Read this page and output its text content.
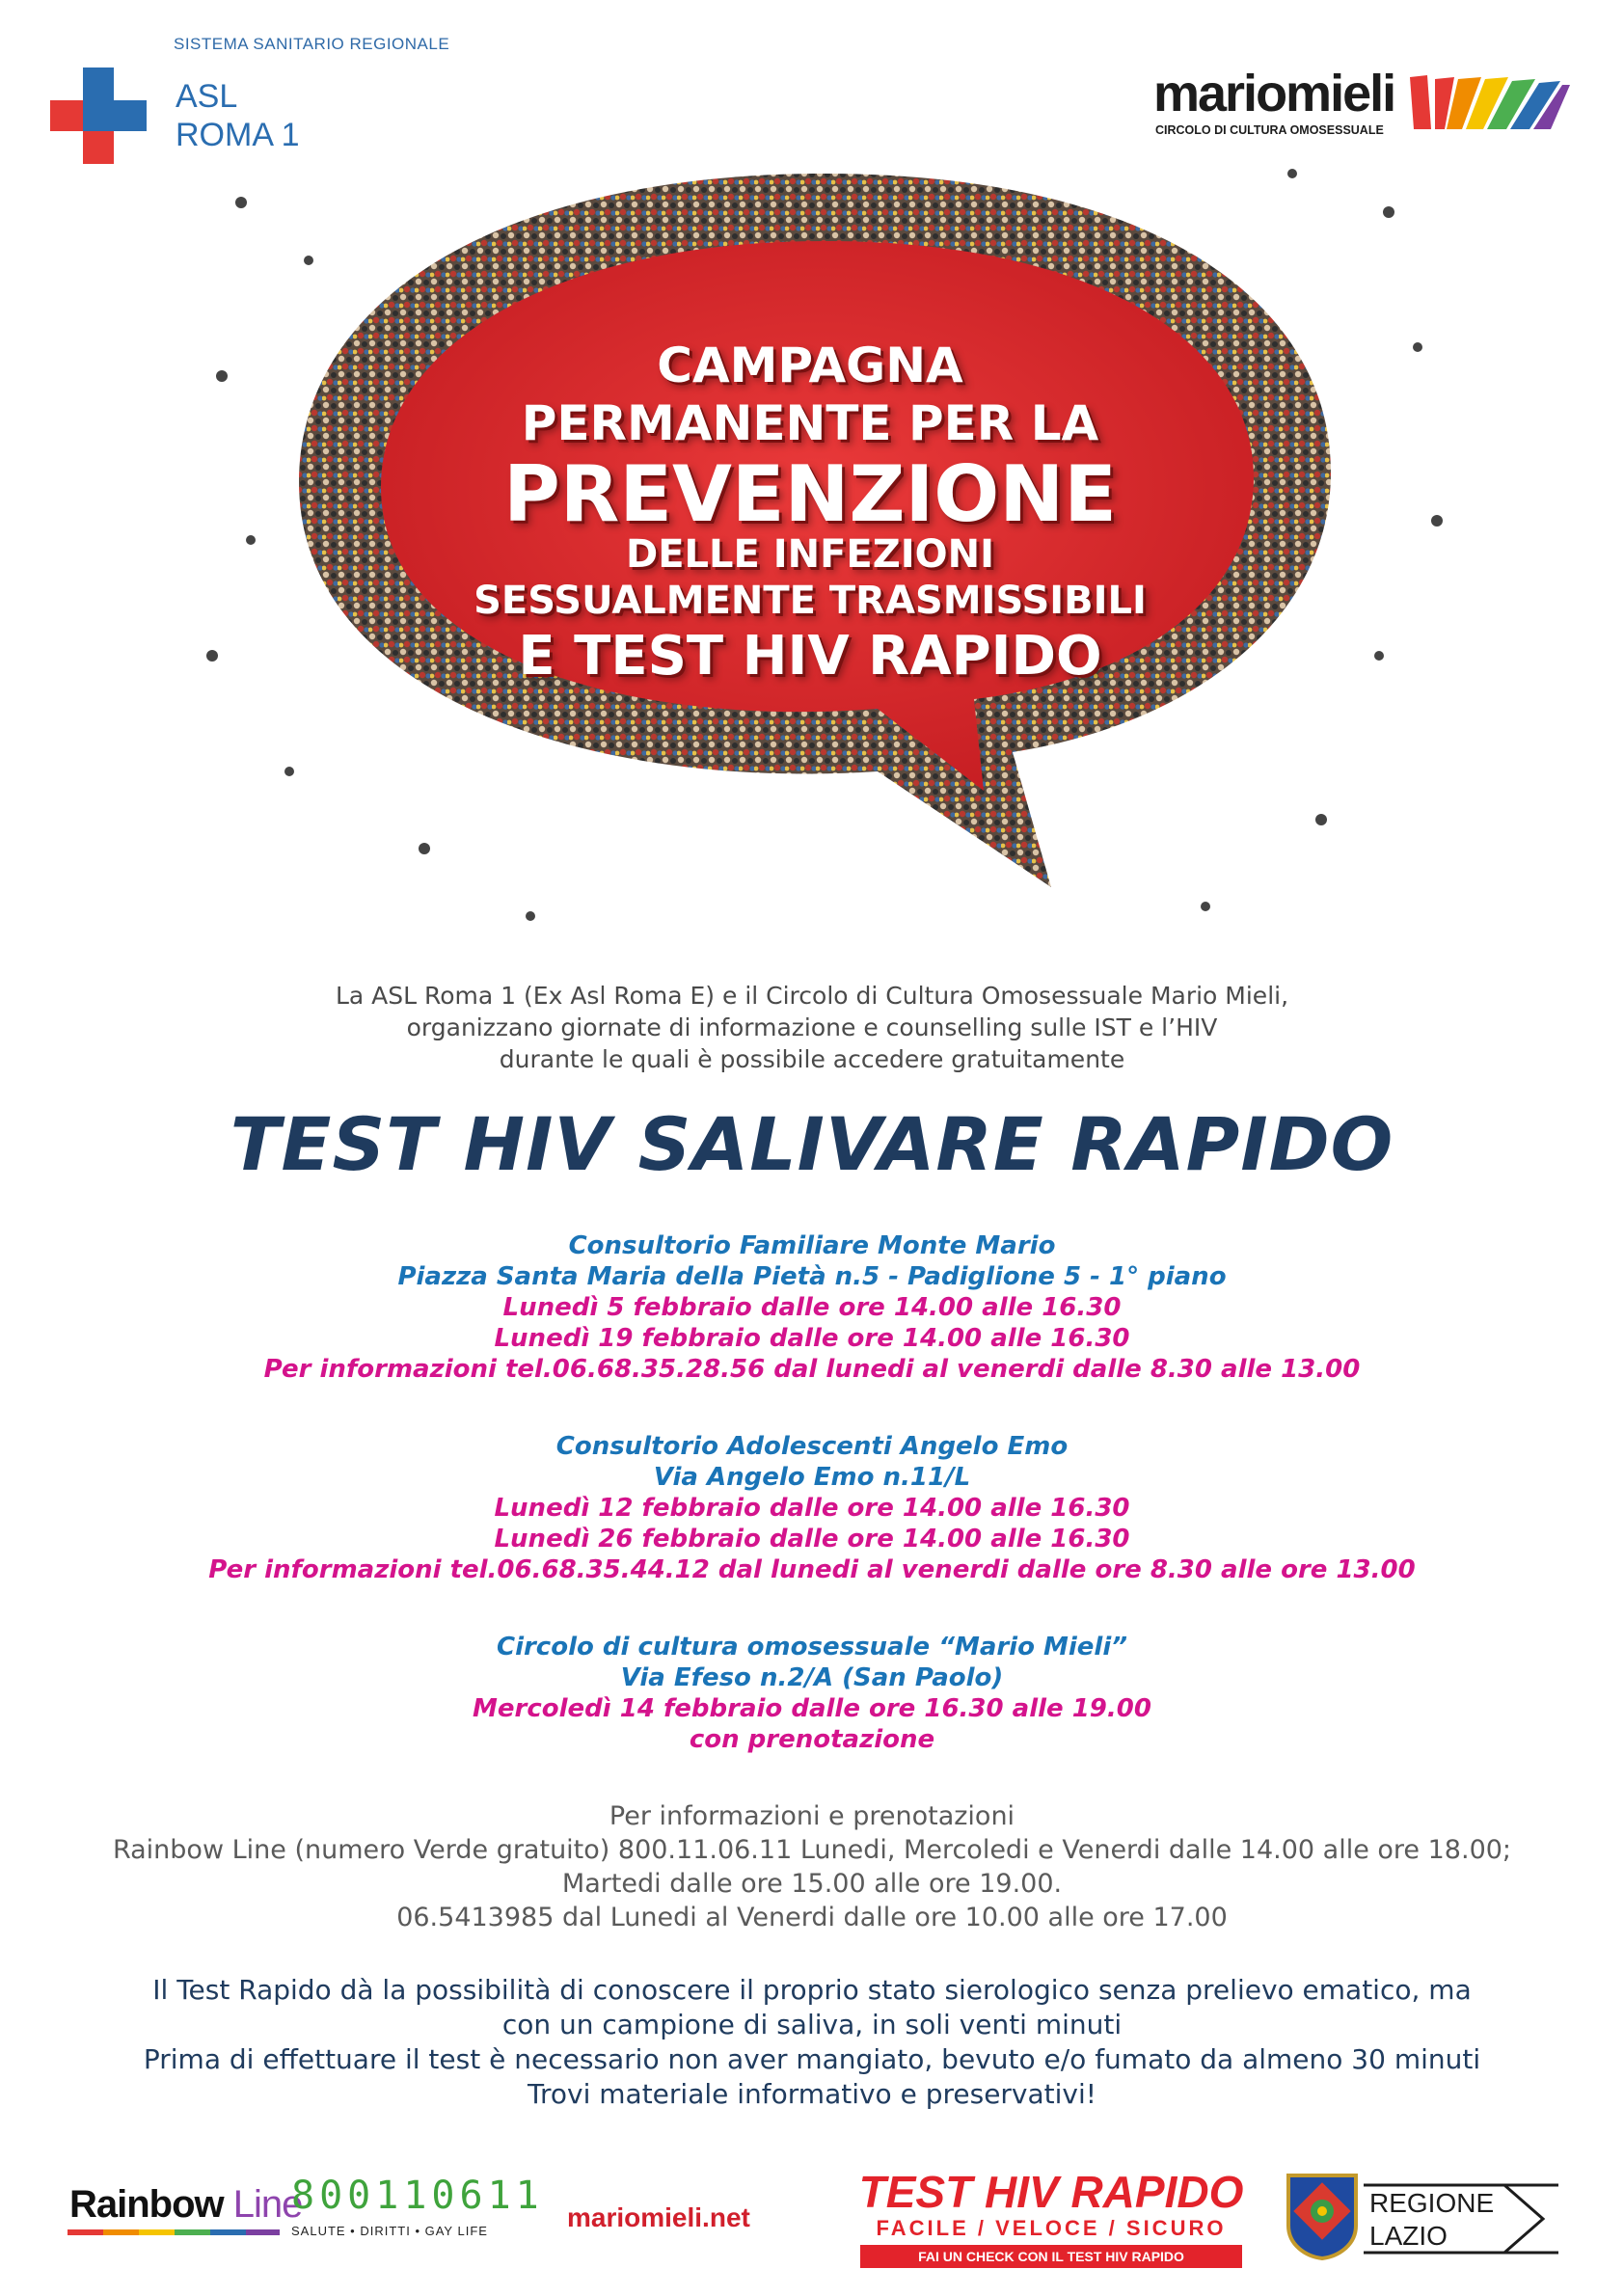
SISTEMA SANITARIO REGIONALE
ASL
ROMA 1
mariomieli
CIRCOLO DI CULTURA OMOSESSUALE
CAMPAGNA
PERMANENTE PER LA
PREVENZIONE
DELLE INFEZIONI
SESSUALMENTE TRASMISSIBILI
E TEST HIV RAPIDO
La ASL Roma 1 (Ex Asl Roma E) e il Circolo di Cultura Omosessuale Mario Mieli,
organizzano giornate di informazione e counselling sulle IST e l’HIV
durante le quali è possibile accedere gratuitamente
TEST HIV SALIVARE RAPIDO
Consultorio Familiare Monte Mario
Piazza Santa Maria della Pietà n.5 - Padiglione 5 - 1° piano
Lunedì 5 febbraio dalle ore 14.00 alle 16.30
Lunedì 19 febbraio dalle ore 14.00 alle 16.30
Per informazioni tel.06.68.35.28.56 dal lunedi al venerdi dalle 8.30 alle 13.00
Consultorio Adolescenti Angelo Emo
Via Angelo Emo n.11/L
Lunedì 12 febbraio dalle ore 14.00 alle 16.30
Lunedì 26 febbraio dalle ore 14.00 alle 16.30
Per informazioni tel.06.68.35.44.12 dal lunedi al venerdi dalle ore 8.30 alle ore 13.00
Circolo di cultura omosessuale “Mario Mieli”
Via Efeso n.2/A (San Paolo)
Mercoledì 14 febbraio dalle ore 16.30 alle 19.00
con prenotazione
Per informazioni e prenotazioni
Rainbow Line (numero Verde gratuito) 800.11.06.11 Lunedi, Mercoledi e Venerdi dalle 14.00 alle ore 18.00;
Martedi dalle ore 15.00 alle ore 19.00.
06.5413985 dal Lunedi al Venerdi dalle ore 10.00 alle ore 17.00
Il Test Rapido dà la possibilità di conoscere il proprio stato sierologico senza prelievo ematico, ma
con un campione di saliva, in soli venti minuti
Prima di effettuare il test è necessario non aver mangiato, bevuto e/o fumato da almeno 30 minuti
Trovi materiale informativo e preservativi!
Rainbow Line
800110611
SALUTE • DIRITTI • GAY LIFE	mariomieli.net
TEST HIV RAPIDO
FACILE / VELOCE / SICURO
FAI UN CHECK CON IL TEST HIV RAPIDO
REGIONE
LAZIO
